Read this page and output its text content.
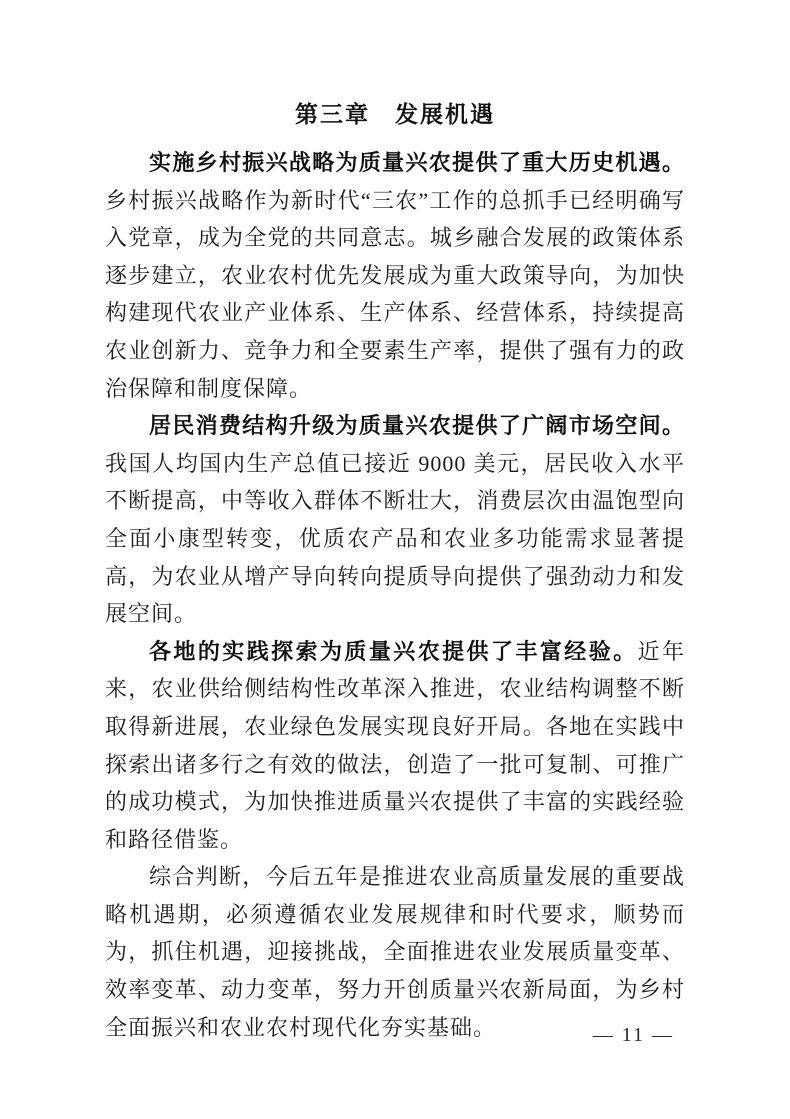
第三章　发展机遇

实施乡村振兴战略为质量兴农提供了重大历史机遇。乡村振兴战略作为新时代“三农”工作的总抓手已经明确写入党章，成为全党的共同意志。城乡融合发展的政策体系逐步建立，农业农村优先发展成为重大政策导向，为加快构建现代农业产业体系、生产体系、经营体系，持续提高农业创新力、竞争力和全要素生产率，提供了强有力的政治保障和制度保障。

居民消费结构升级为质量兴农提供了广阔市场空间。我国人均国内生产总值已接近 9000 美元，居民收入水平不断提高，中等收入群体不断壮大，消费层次由温饱型向全面小康型转变，优质农产品和农业多功能需求显著提高，为农业从增产导向转向提质导向提供了强劲动力和发展空间。

各地的实践探索为质量兴农提供了丰富经验。近年来，农业供给侧结构性改革深入推进，农业结构调整不断取得新进展，农业绿色发展实现良好开局。各地在实践中探索出诸多行之有效的做法，创造了一批可复制、可推广的成功模式，为加快推进质量兴农提供了丰富的实践经验和路径借鉴。

综合判断，今后五年是推进农业高质量发展的重要战略机遇期，必须遵循农业发展规律和时代要求，顺势而为，抓住机遇，迎接挑战，全面推进农业发展质量变革、效率变革、动力变革，努力开创质量兴农新局面，为乡村全面振兴和农业农村现代化夯实基础。	— 11 —
